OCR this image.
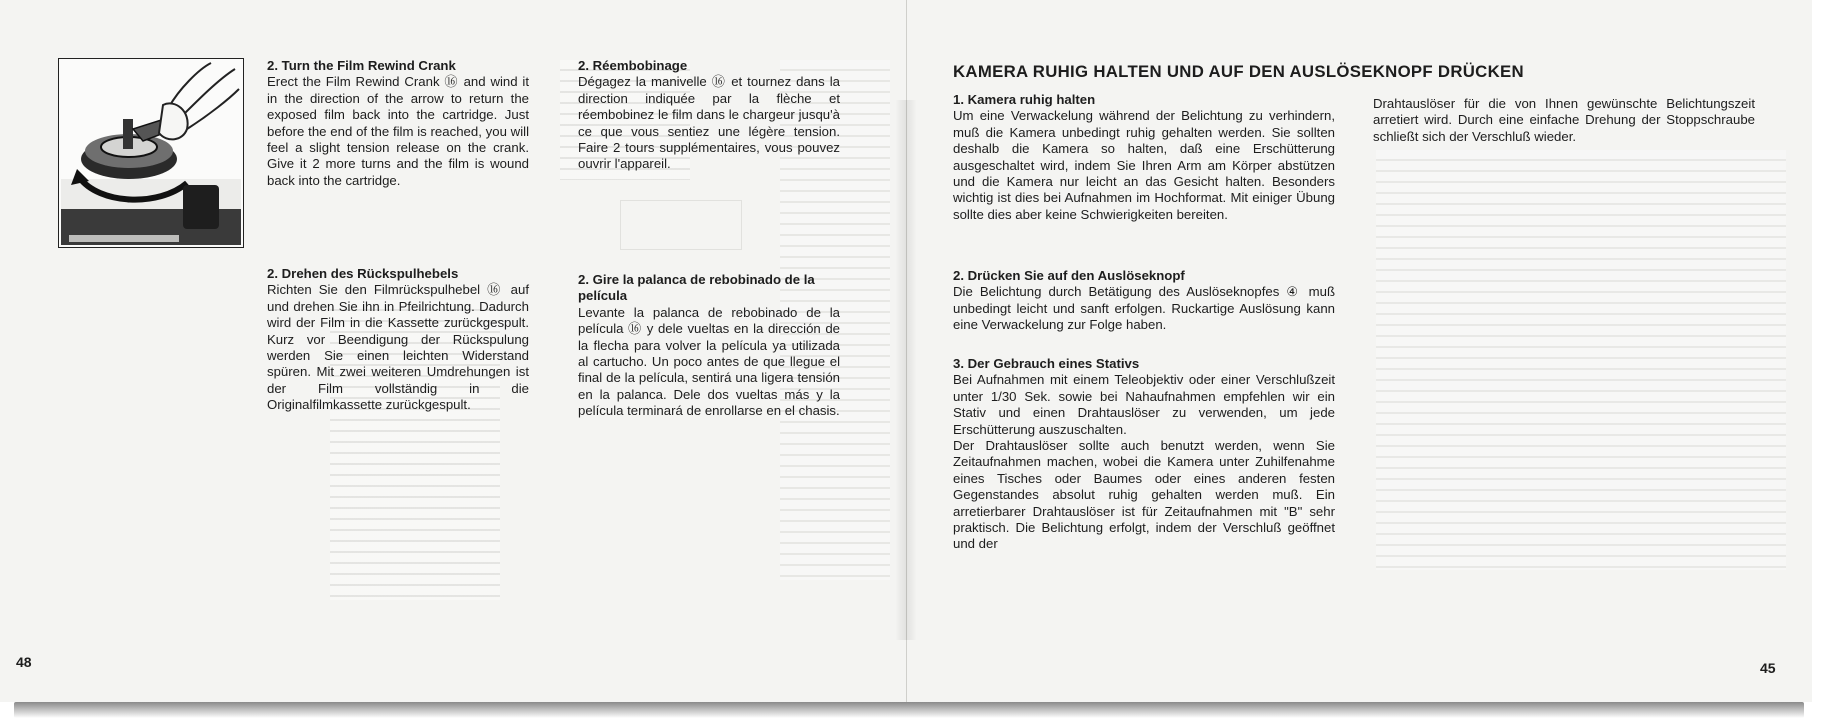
2. Turn the Film Rewind Crank

Erect the Film Rewind Crank ⑯ and wind it in the direction of the arrow to return the exposed film back into the cartridge. Just before the end of the film is reached, you will feel a slight tension release on the crank. Give it 2 more turns and the film is wound back into the cartridge.

2. Drehen des Rückspulhebels

Richten Sie den Filmrückspulhebel ⑯ auf und drehen Sie ihn in Pfeilrichtung. Dadurch wird der Film in die Kassette zurückgespult. Kurz vor Beendigung der Rückspulung werden Sie einen leichten Widerstand spüren. Mit zwei weiteren Umdrehungen ist der Film vollständig in die Originalfilmkassette zurückgespult.

2. Réembobinage

Dégagez la manivelle ⑯ et tournez dans la direction indiquée par la flèche et réembobinez le film dans le chargeur jusqu'à ce que vous sentiez une légère tension. Faire 2 tours supplémentaires, vous pouvez ouvrir l'appareil.

2. Gire la palanca de rebobinado de la película

Levante la palanca de rebobinado de la película ⑯ y dele vueltas en la dirección de la flecha para volver la película ya utilizada al cartucho. Un poco antes de que llegue el final de la película, sentirá una ligera tensión en la palanca. Dele dos vueltas más y la película terminará de enrollarse en el chasis.

48
KAMERA RUHIG HALTEN UND AUF DEN AUSLÖSEKNOPF DRÜCKEN
1. Kamera ruhig halten

Um eine Verwackelung während der Belichtung zu verhindern, muß die Kamera unbedingt ruhig gehalten werden. Sie sollten deshalb die Kamera so halten, daß eine Erschütterung ausgeschaltet wird, indem Sie Ihren Arm am Körper abstützen und die Kamera nur leicht an das Gesicht halten. Besonders wichtig ist dies bei Aufnahmen im Hochformat. Mit einiger Übung sollte dies aber keine Schwierigkeiten bereiten.

2. Drücken Sie auf den Auslöseknopf

Die Belichtung durch Betätigung des Auslöseknopfes ④ muß unbedingt leicht und sanft erfolgen. Ruckartige Auslösung kann eine Verwackelung zur Folge haben.

3. Der Gebrauch eines Stativs

Bei Aufnahmen mit einem Teleobjektiv oder einer Verschlußzeit unter 1/30 Sek. sowie bei Nahaufnahmen empfehlen wir ein Stativ und einen Drahtauslöser zu verwenden, um jede Erschütterung auszuschalten.

Der Drahtauslöser sollte auch benutzt werden, wenn Sie Zeitaufnahmen machen, wobei die Kamera unter Zuhilfenahme eines Tisches oder Baumes oder eines anderen festen Gegenstandes absolut ruhig gehalten werden muß. Ein arretierbarer Drahtauslöser ist für Zeitaufnahmen mit "B" sehr praktisch. Die Belichtung erfolgt, indem der Verschluß geöffnet und der

Drahtauslöser für die von Ihnen gewünschte Belichtungszeit arretiert wird. Durch eine einfache Drehung der Stoppschraube schließt sich der Verschluß wieder.

45
